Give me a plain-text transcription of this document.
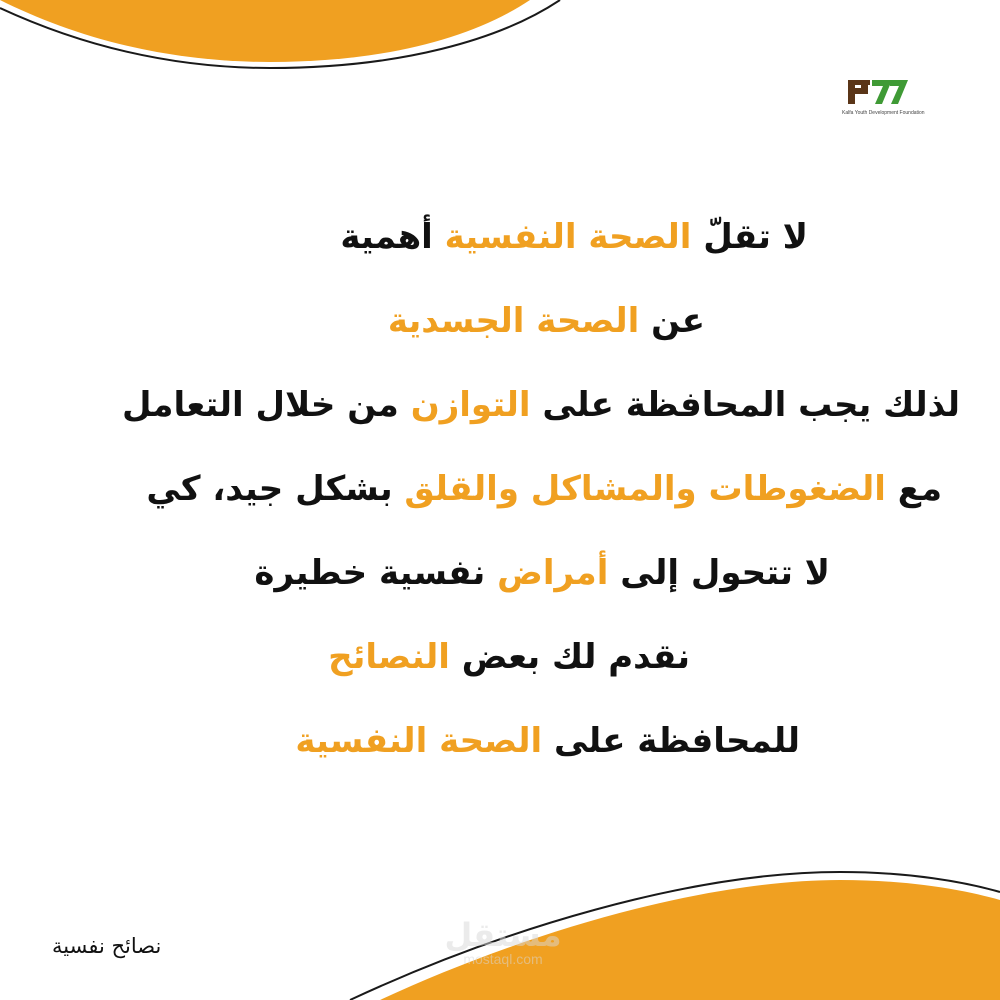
Kalfa Youth Development Foundation
لا تقلّ الصحة النفسية أهمية
عن الصحة الجسدية
لذلك يجب المحافظة على التوازن من خلال التعامل
مع الضغوطات والمشاكل والقلق بشكل جيد، كي
لا تتحول إلى أمراض نفسية خطيرة
نقدم لك بعض النصائح
للمحافظة على الصحة النفسية
نصائح نفسية	مستقل
mostaql.com
